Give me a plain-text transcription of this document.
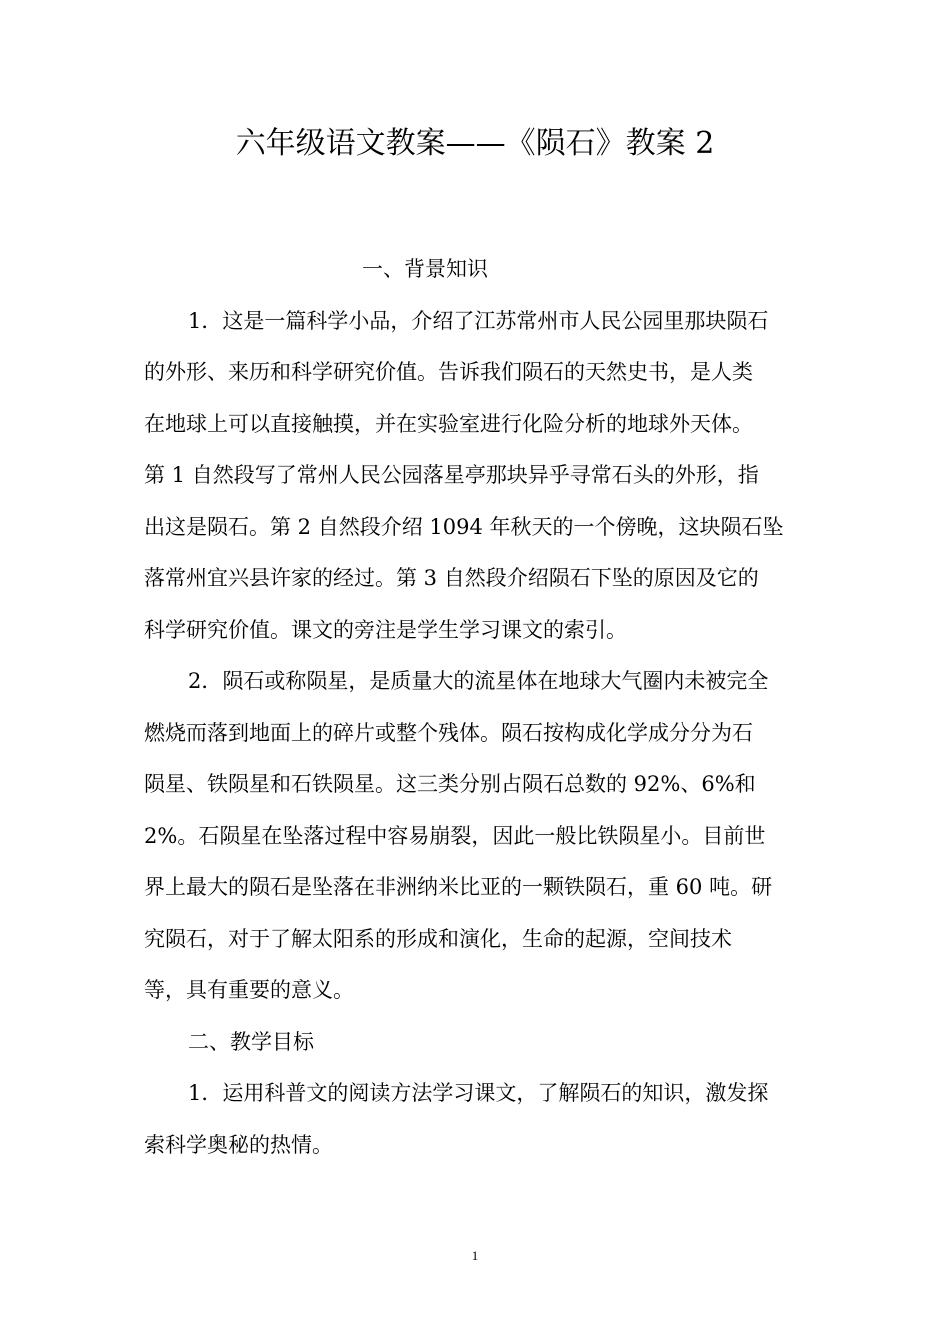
六年级语文教案——《陨石》教案 2
一、背景知识
1．这是一篇科学小品，介绍了江苏常州市人民公园里那块陨石
的外形、来历和科学研究价值。告诉我们陨石的天然史书，是人类
在地球上可以直接触摸，并在实验室进行化险分析的地球外天体。
第 1 自然段写了常州人民公园落星亭那块异乎寻常石头的外形，指
出这是陨石。第 2 自然段介绍 1094 年秋天的一个傍晚，这块陨石坠
落常州宜兴县许家的经过。第 3 自然段介绍陨石下坠的原因及它的
科学研究价值。课文的旁注是学生学习课文的索引。
2．陨石或称陨星，是质量大的流星体在地球大气圈内未被完全
燃烧而落到地面上的碎片或整个残体。陨石按构成化学成分分为石
陨星、铁陨星和石铁陨星。这三类分别占陨石总数的 92%、6%和
2%。石陨星在坠落过程中容易崩裂，因此一般比铁陨星小。目前世
界上最大的陨石是坠落在非洲纳米比亚的一颗铁陨石，重 60 吨。研
究陨石，对于了解太阳系的形成和演化，生命的起源，空间技术
等，具有重要的意义。
二、教学目标
1．运用科普文的阅读方法学习课文，了解陨石的知识，激发探
索科学奥秘的热情。
1
